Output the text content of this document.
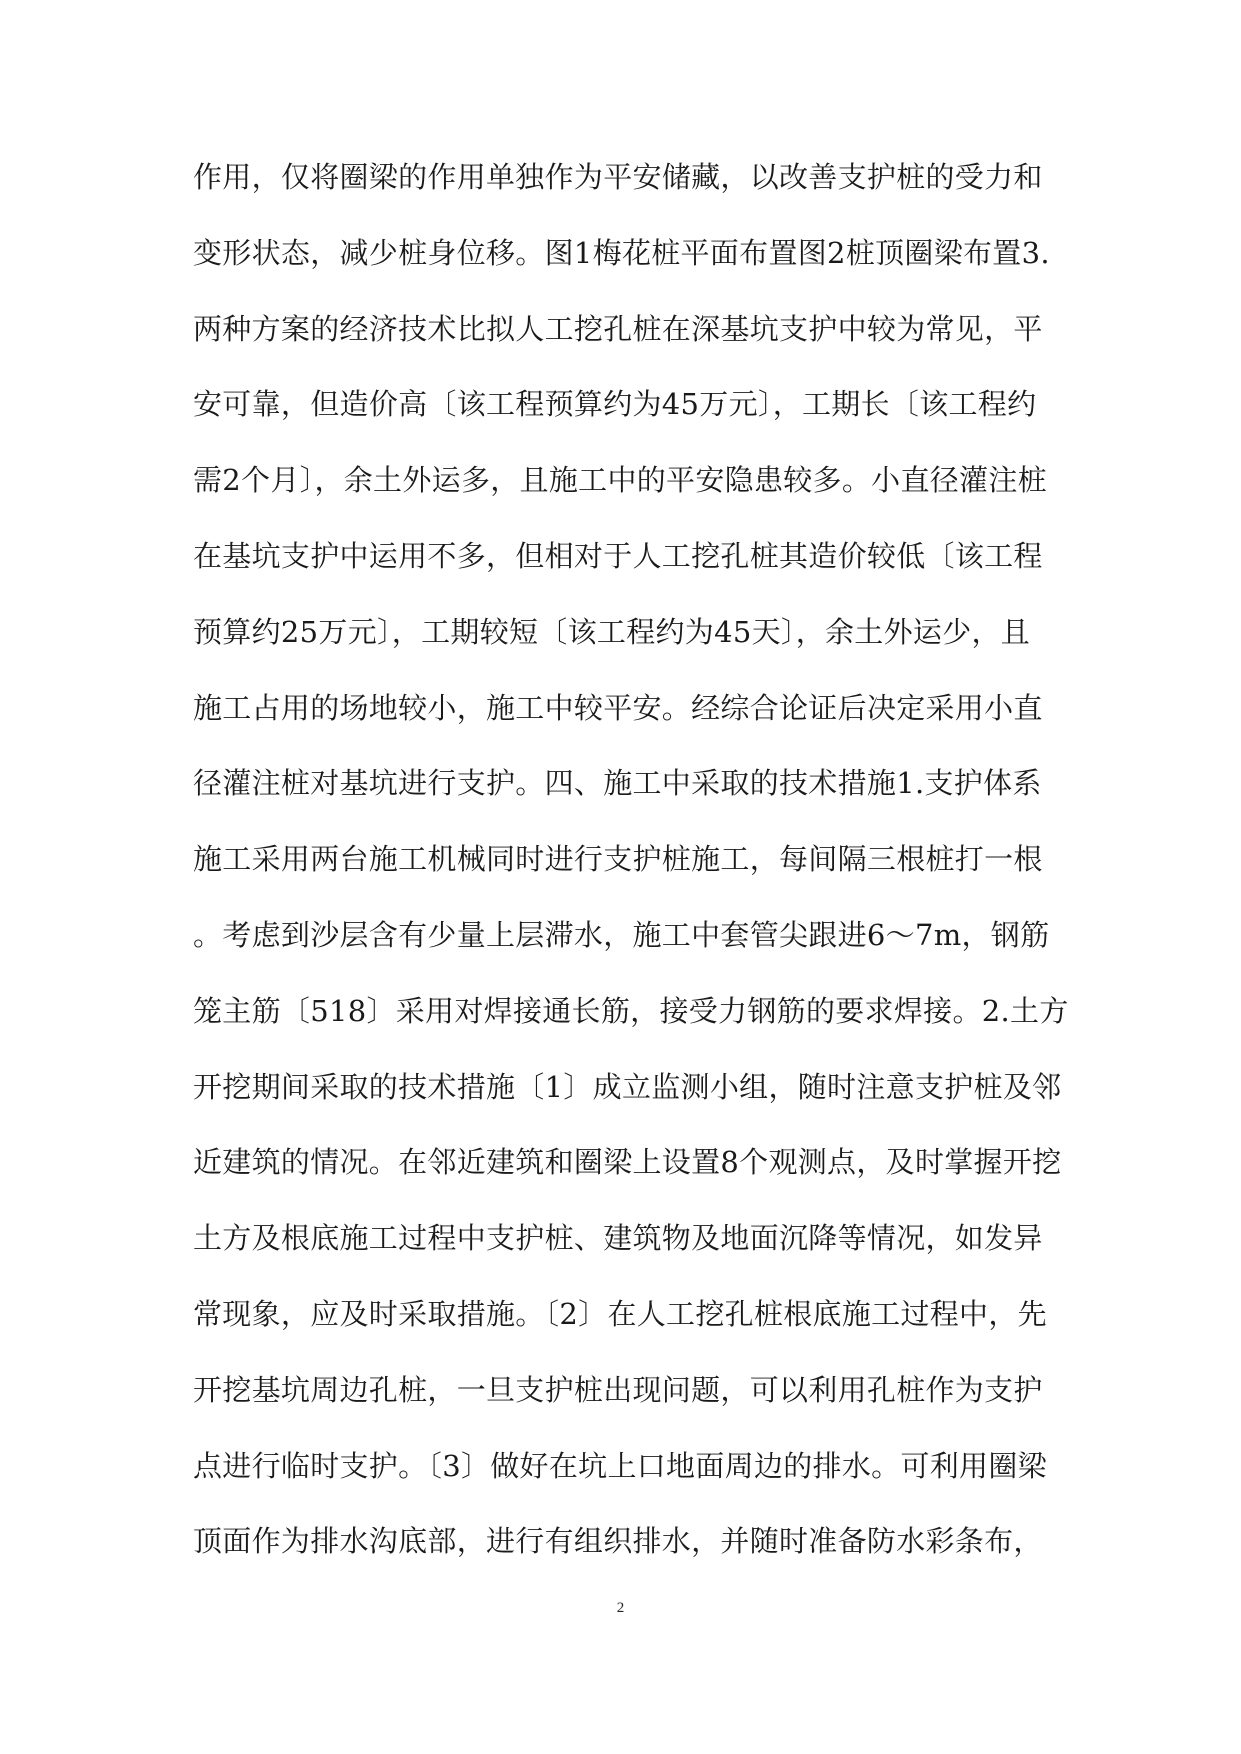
作用，仅将圈梁的作用单独作为平安储藏，以改善支护桩的受力和
变形状态，减少桩身位移。图1梅花桩平面布置图2桩顶圈梁布置3.
两种方案的经济技术比拟人工挖孔桩在深基坑支护中较为常见，平
安可靠，但造价高〔该工程预算约为45万元〕，工期长〔该工程约
需2个月〕，余土外运多，且施工中的平安隐患较多。小直径灌注桩
在基坑支护中运用不多，但相对于人工挖孔桩其造价较低〔该工程
预算约25万元〕，工期较短〔该工程约为45天〕，余土外运少，且
施工占用的场地较小，施工中较平安。经综合论证后决定采用小直
径灌注桩对基坑进行支护。四、施工中采取的技术措施1.支护体系
施工采用两台施工机械同时进行支护桩施工，每间隔三根桩打一根
。考虑到沙层含有少量上层滞水，施工中套管尖跟进6～7m，钢筋
笼主筋〔518〕采用对焊接通长筋，接受力钢筋的要求焊接。2.土方
开挖期间采取的技术措施〔1〕成立监测小组，随时注意支护桩及邻
近建筑的情况。在邻近建筑和圈梁上设置8个观测点，及时掌握开挖
土方及根底施工过程中支护桩、建筑物及地面沉降等情况，如发异
常现象，应及时采取措施。〔2〕在人工挖孔桩根底施工过程中，先
开挖基坑周边孔桩，一旦支护桩出现问题，可以利用孔桩作为支护
点进行临时支护。〔3〕做好在坑上口地面周边的排水。可利用圈梁
顶面作为排水沟底部，进行有组织排水，并随时准备防水彩条布，
2
